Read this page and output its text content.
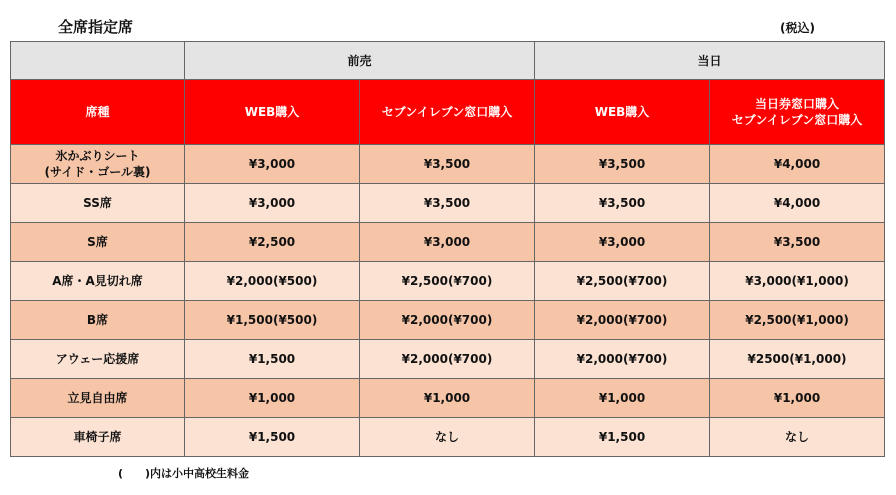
全席指定席	(税込)
	前売		当日	
席種	WEB購入	セブンイレブン窓口購入	WEB購入	当日券窓口購入
セブンイレブン窓口購入
氷かぶりシート
(サイド・ゴール裏)	¥3,000	¥3,500	¥3,500	¥4,000
SS席	¥3,000	¥3,500	¥3,500	¥4,000
S席	¥2,500	¥3,000	¥3,000	¥3,500
A席・A見切れ席	¥2,000(¥500)	¥2,500(¥700)	¥2,500(¥700)	¥3,000(¥1,000)
B席	¥1,500(¥500)	¥2,000(¥700)	¥2,000(¥700)	¥2,500(¥1,000)
アウェー応援席	¥1,500	¥2,000(¥700)	¥2,000(¥700)	¥2500(¥1,000)
立見自由席	¥1,000	¥1,000	¥1,000	¥1,000
車椅子席	¥1,500	なし	¥1,500	なし
(　　)内は小中高校生料金
